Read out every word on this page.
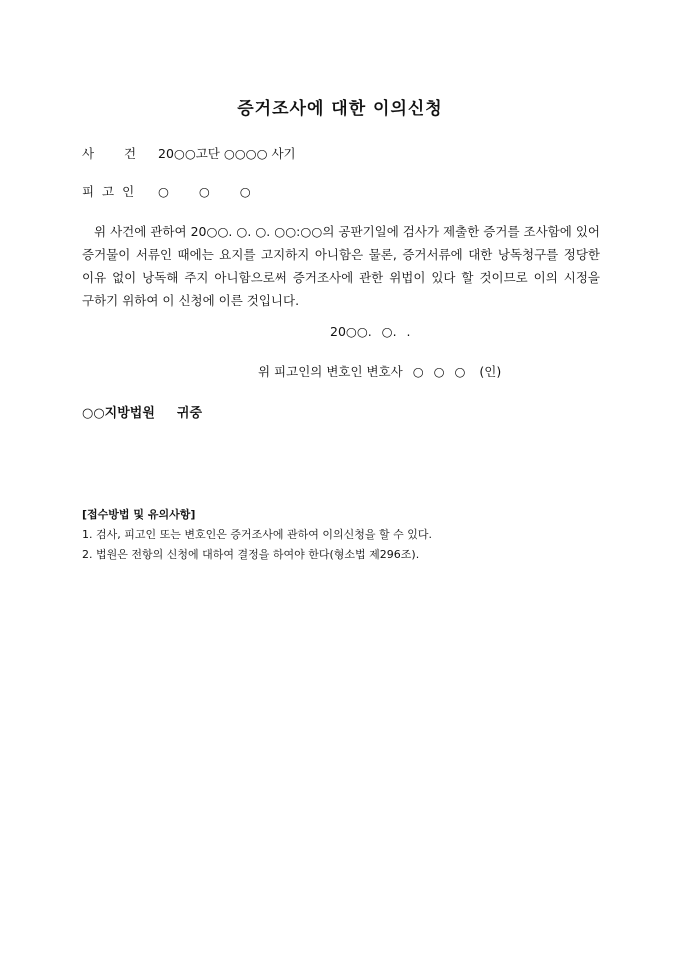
증거조사에 대한 이의신청
사 건 20○○고단 ○○○○ 사기
피 고 인 ○ ○ ○
위 사건에 관하여 20○○. ○. ○. ○○:○○의 공판기일에 검사가 제출한 증거를 조사함에 있어 증거물이 서류인 때에는 요지를 고지하지 아니함은 물론, 증거서류에 대한 낭독청구를 정당한 이유 없이 낭독해 주지 아니함으로써 증거조사에 관한 위법이 있다 할 것이므로 이의 시정을 구하기 위하여 이 신청에 이른 것입니다.
20○○. ○. .
위 피고인의 변호인 변호사 ○ ○ ○ (인)
○○지방법원 귀중
[접수방법 및 유의사항]
1. 검사, 피고인 또는 변호인은 증거조사에 관하여 이의신청을 할 수 있다.
2. 법원은 전항의 신청에 대하여 결정을 하여야 한다(형소법 제296조).
